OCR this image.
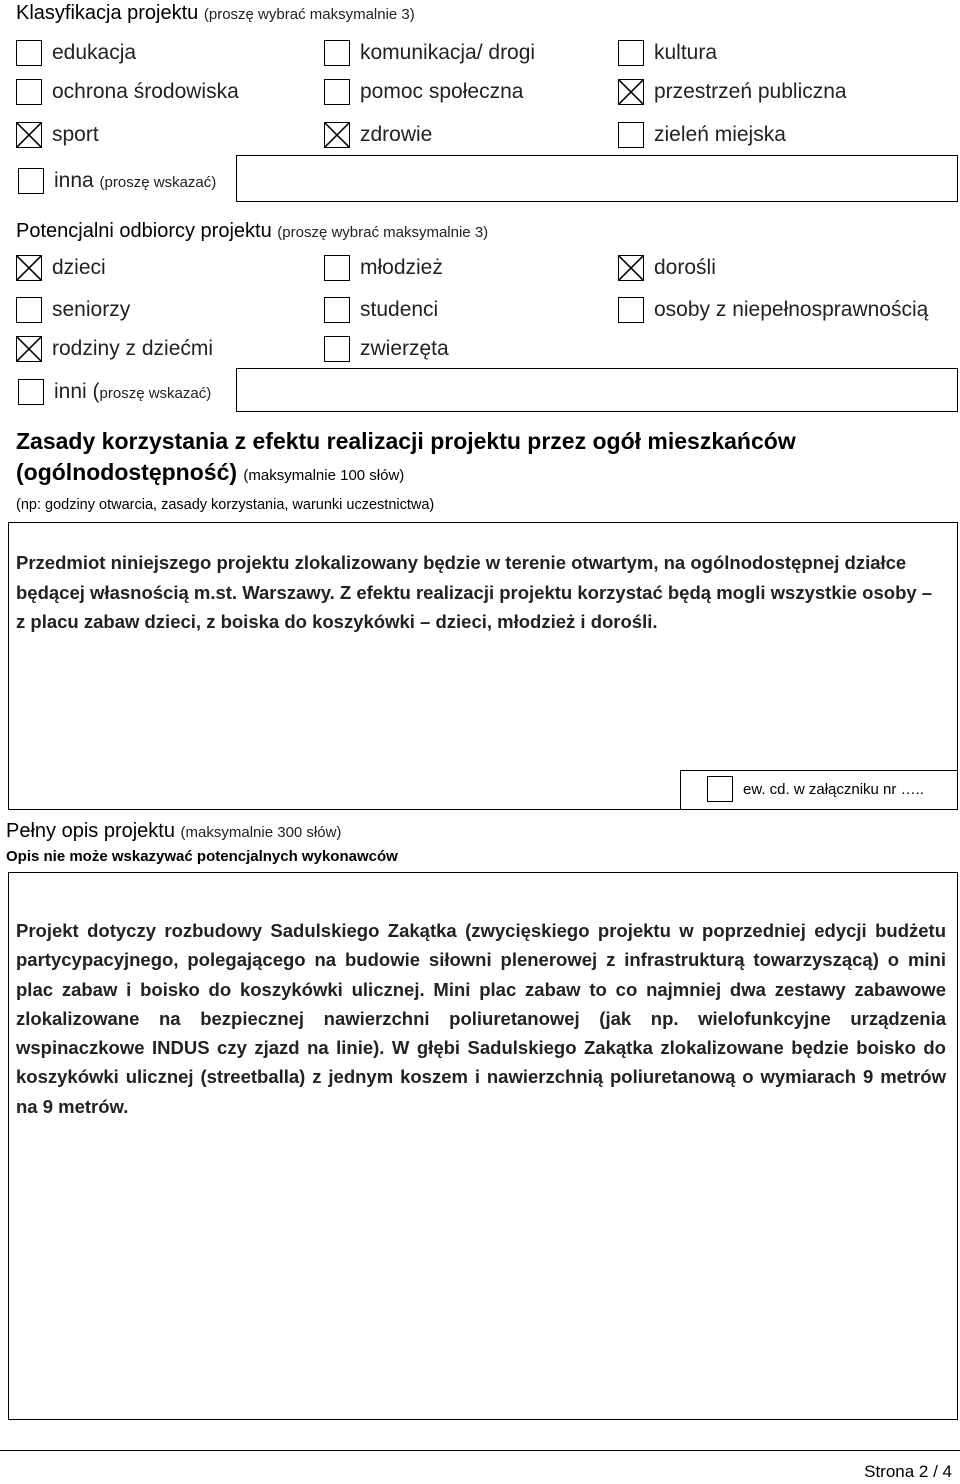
Klasyfikacja projektu (proszę wybrać maksymalnie 3)
edukacja	komunikacja/ drogi	kultura
ochrona środowiska	pomoc społeczna	przestrzeń publiczna
sport	zdrowie	zieleń miejska
inna (proszę wskazać)
Potencjalni odbiorcy projektu (proszę wybrać maksymalnie 3)
dzieci	młodzież	dorośli
seniorzy	studenci	osoby z niepełnosprawnością
rodziny z dziećmi	zwierzęta
inni (proszę wskazać)
Zasady korzystania z efektu realizacji projektu przez ogół mieszkańców
(ogólnodostępność) (maksymalnie 100 słów)
(np: godziny otwarcia, zasady korzystania, warunki uczestnictwa)
Przedmiot niniejszego projektu zlokalizowany będzie w terenie otwartym, na ogólnodostępnej działce będącej własnością m.st. Warszawy. Z efektu realizacji projektu korzystać będą mogli wszystkie osoby – z placu zabaw dzieci, z boiska do koszykówki – dzieci, młodzież i dorośli.
ew. cd. w załączniku nr …..
Pełny opis projektu (maksymalnie 300 słów)
Opis nie może wskazywać potencjalnych wykonawców
Projekt dotyczy rozbudowy Sadulskiego Zakątka (zwycięskiego projektu w poprzedniej edycji budżetu partycypacyjnego, polegającego na budowie siłowni plenerowej z infrastrukturą towarzyszącą) o mini plac zabaw i boisko do koszykówki ulicznej. Mini plac zabaw to co najmniej dwa zestawy zabawowe zlokalizowane na bezpiecznej nawierzchni poliuretanowej (jak np. wielofunkcyjne urządzenia wspinaczkowe INDUS czy zjazd na linie). W głębi Sadulskiego Zakątka zlokalizowane będzie boisko do koszykówki ulicznej (streetballa) z jednym koszem i nawierzchnią poliuretanową o wymiarach 9 metrów na 9 metrów.
Strona 2 / 4
